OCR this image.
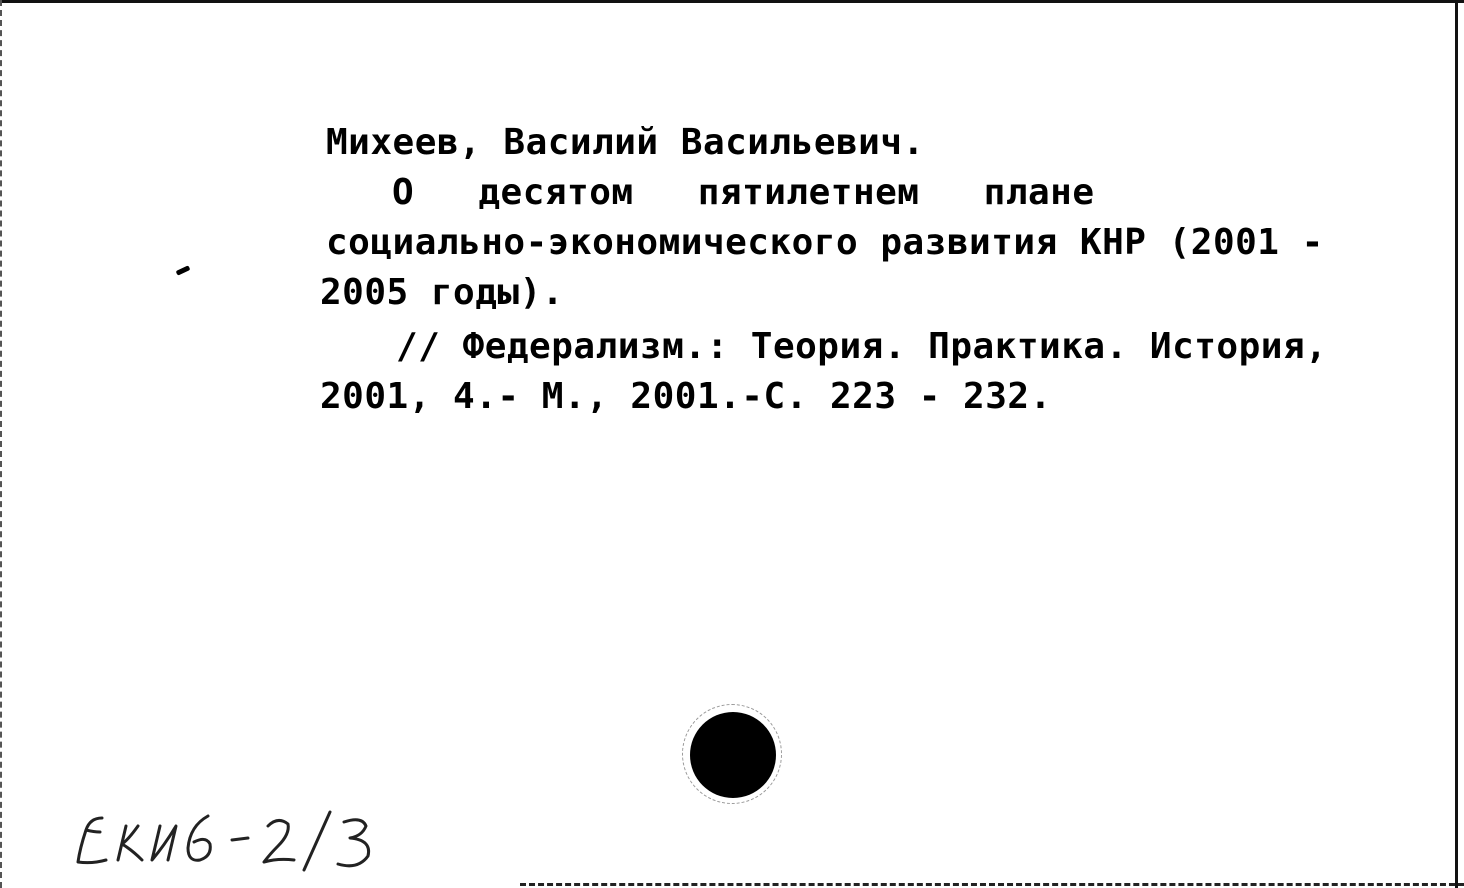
Михеев, Василий Васильевич.
О десятом пятилетнем плане
социально-экономического развития КНР (2001 -
2005 годы).
// Федерализм.: Теория. Практика. История,
2001, 4.- М., 2001.-С. 223 - 232.
